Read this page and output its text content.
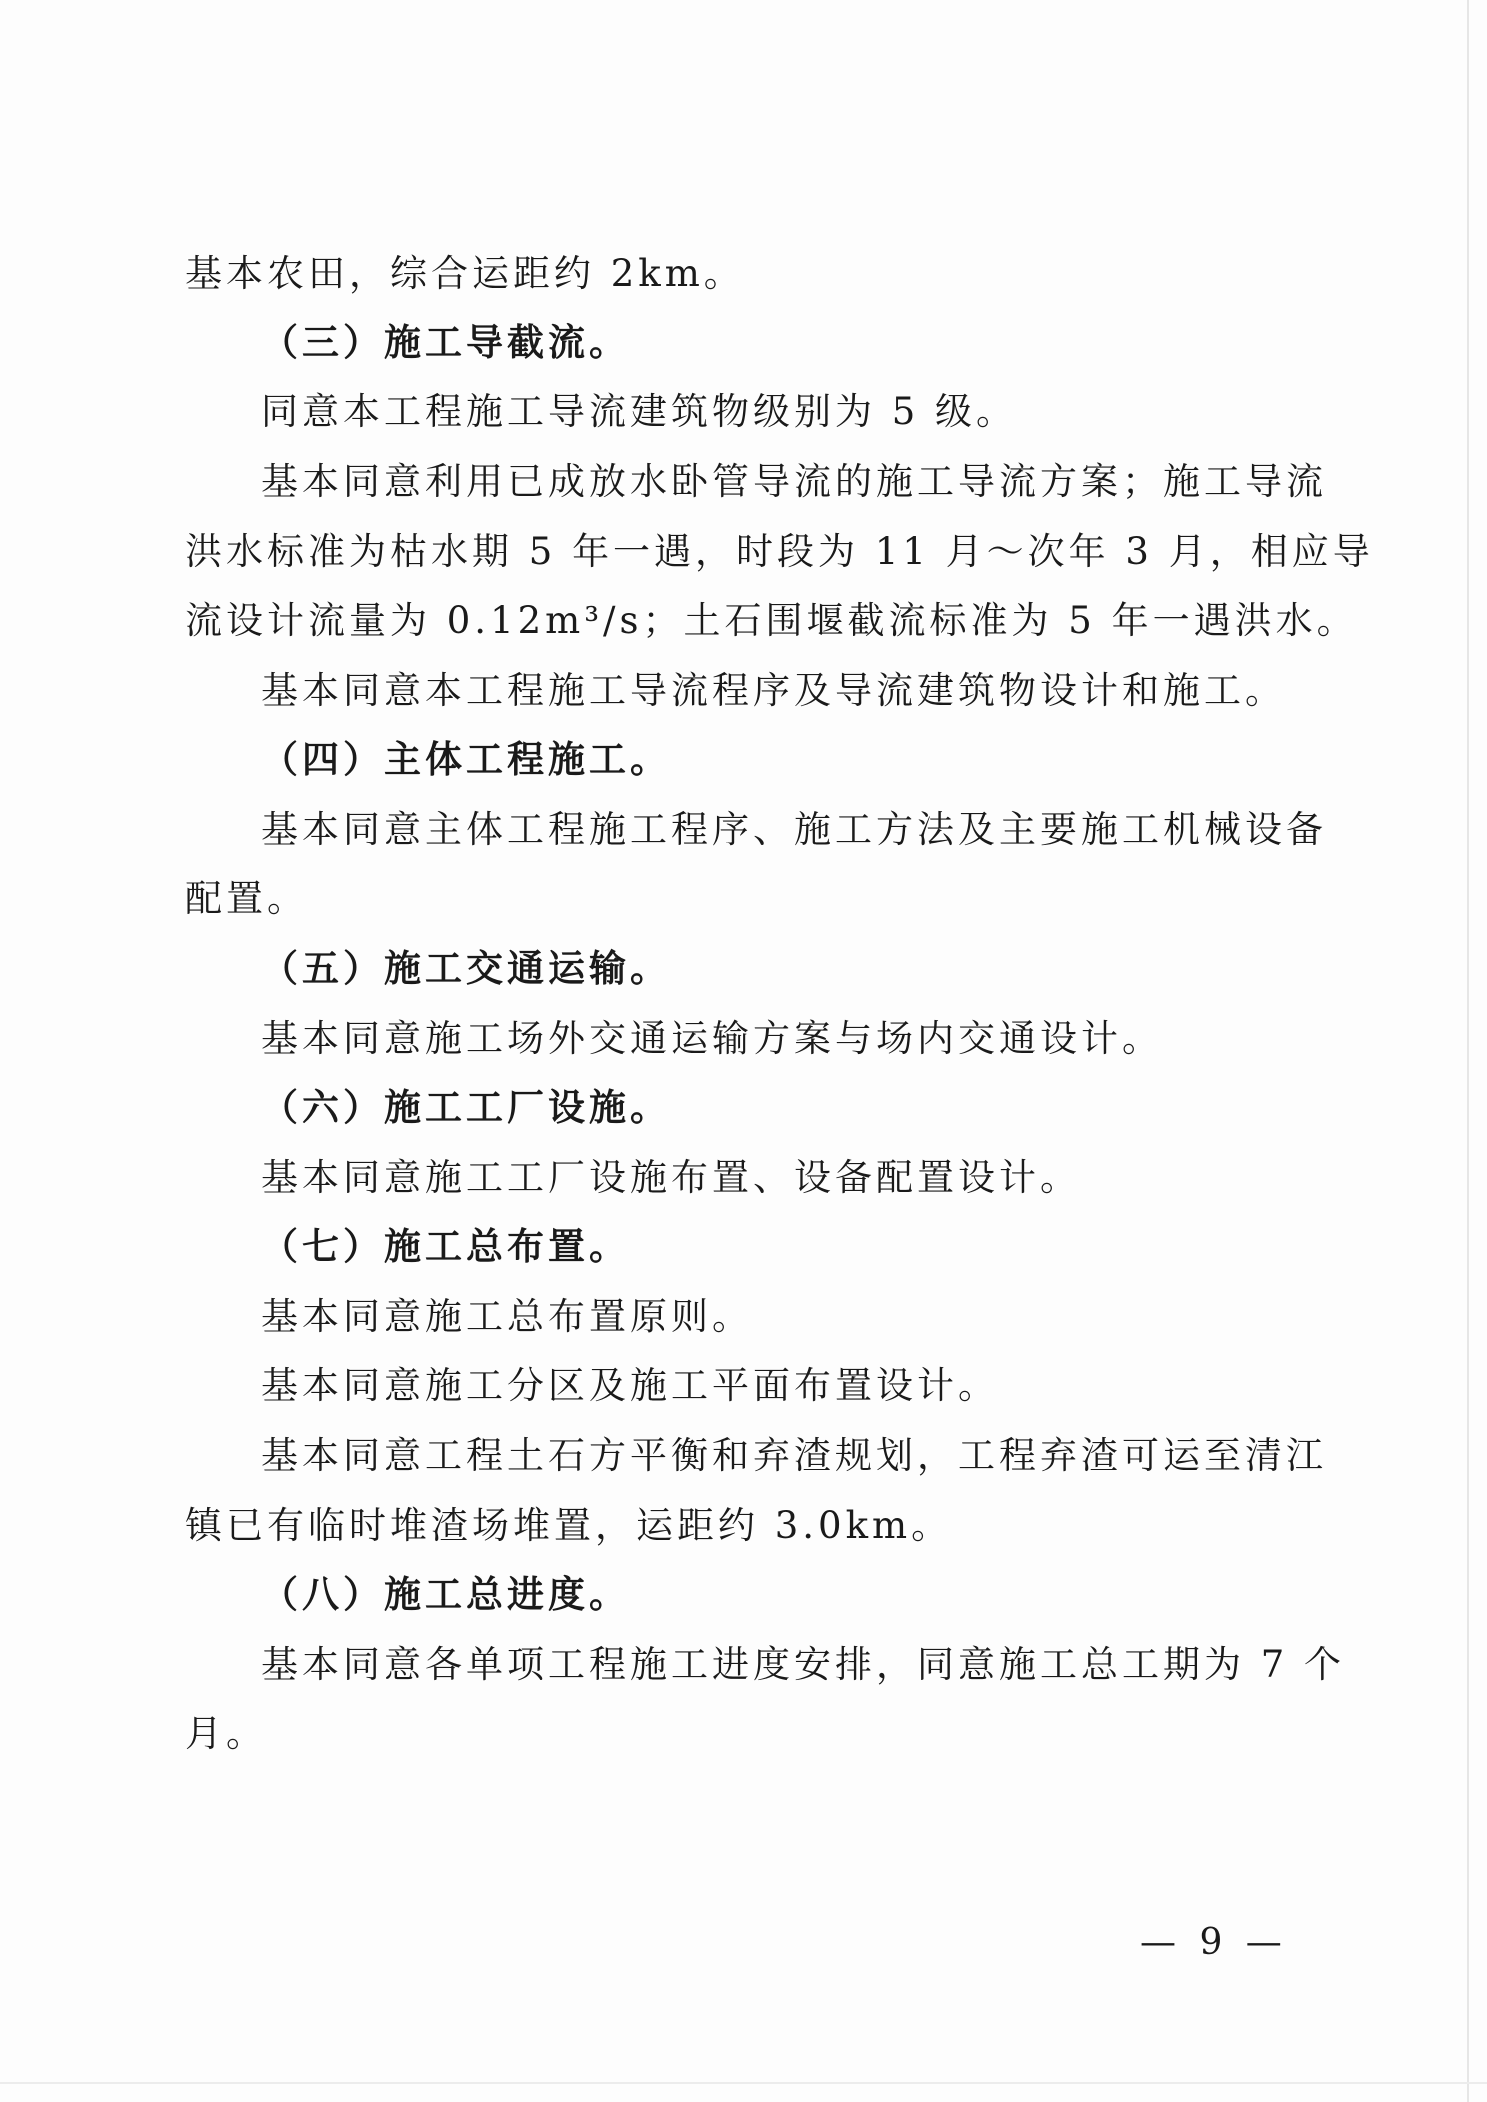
基本农田，综合运距约 2km。
（三）施工导截流。
同意本工程施工导流建筑物级别为 5 级。
基本同意利用已成放水卧管导流的施工导流方案；施工导流
洪水标准为枯水期 5 年一遇，时段为 11 月～次年 3 月，相应导
流设计流量为 0.12m³/s；土石围堰截流标准为 5 年一遇洪水。
基本同意本工程施工导流程序及导流建筑物设计和施工。
（四）主体工程施工。
基本同意主体工程施工程序、施工方法及主要施工机械设备
配置。
（五）施工交通运输。
基本同意施工场外交通运输方案与场内交通设计。
（六）施工工厂设施。
基本同意施工工厂设施布置、设备配置设计。
（七）施工总布置。
基本同意施工总布置原则。
基本同意施工分区及施工平面布置设计。
基本同意工程土石方平衡和弃渣规划，工程弃渣可运至清江
镇已有临时堆渣场堆置，运距约 3.0km。
（八）施工总进度。
基本同意各单项工程施工进度安排，同意施工总工期为 7 个
月。
— 9 —
